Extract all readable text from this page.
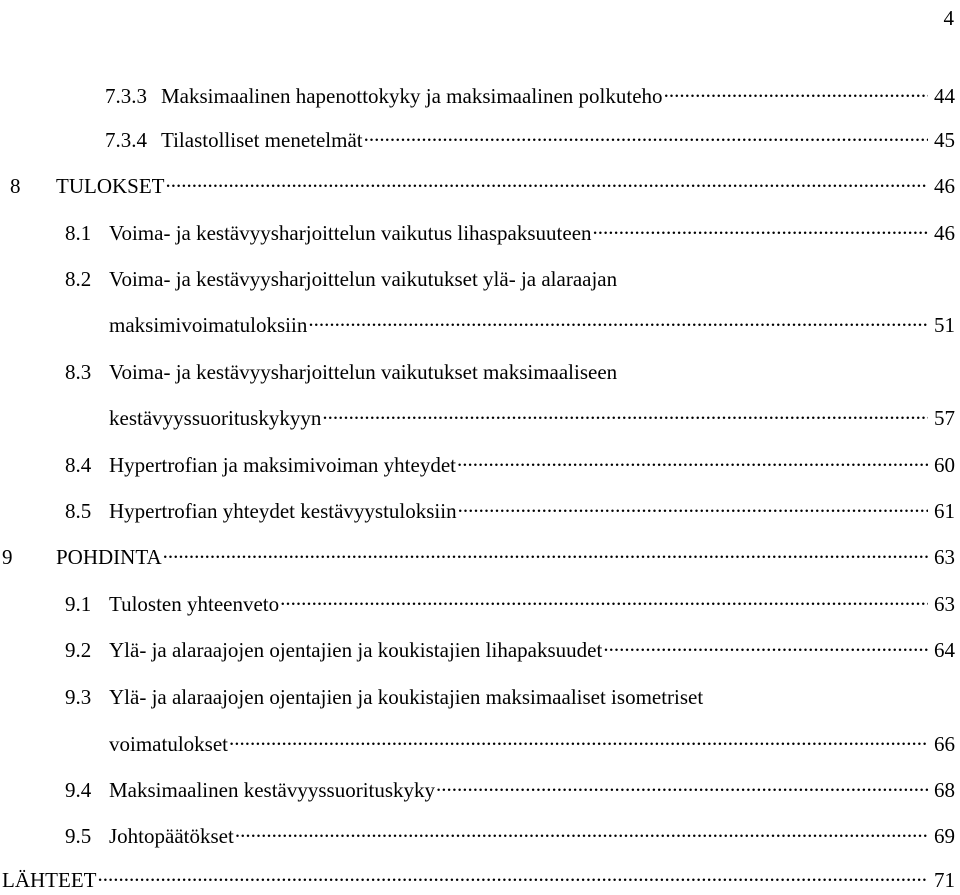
4
7.3.3 Maksimaalinen hapenottokyky ja maksimaalinen polkuteho .....	44
7.3.4 Tilastolliset menetelmät .....	45
8	TULOKSET .....	46
8.1 Voima- ja kestävyysharjoittelun vaikutus lihaspaksuuteen .....	46
8.2 Voima- ja kestävyysharjoittelun vaikutukset ylä- ja alaraajan
maksimivoimatuloksiin .....	51
8.3 Voima- ja kestävyysharjoittelun vaikutukset maksimaaliseen
kestävyyssuorituskykyyn .....	57
8.4 Hypertrofian ja maksimivoiman yhteydet .....	60
8.5 Hypertrofian yhteydet kestävyystuloksiin .....	61
9	POHDINTA .....	63
9.1 Tulosten yhteenveto .....	63
9.2 Ylä- ja alaraajojen ojentajien ja koukistajien lihapaksuudet .....	64
9.3 Ylä- ja alaraajojen ojentajien ja koukistajien maksimaaliset isometriset
voimatulokset .....	66
9.4 Maksimaalinen kestävyyssuorituskyky .....	68
9.5 Johtopäätökset .....	69
LÄHTEET .....	71
